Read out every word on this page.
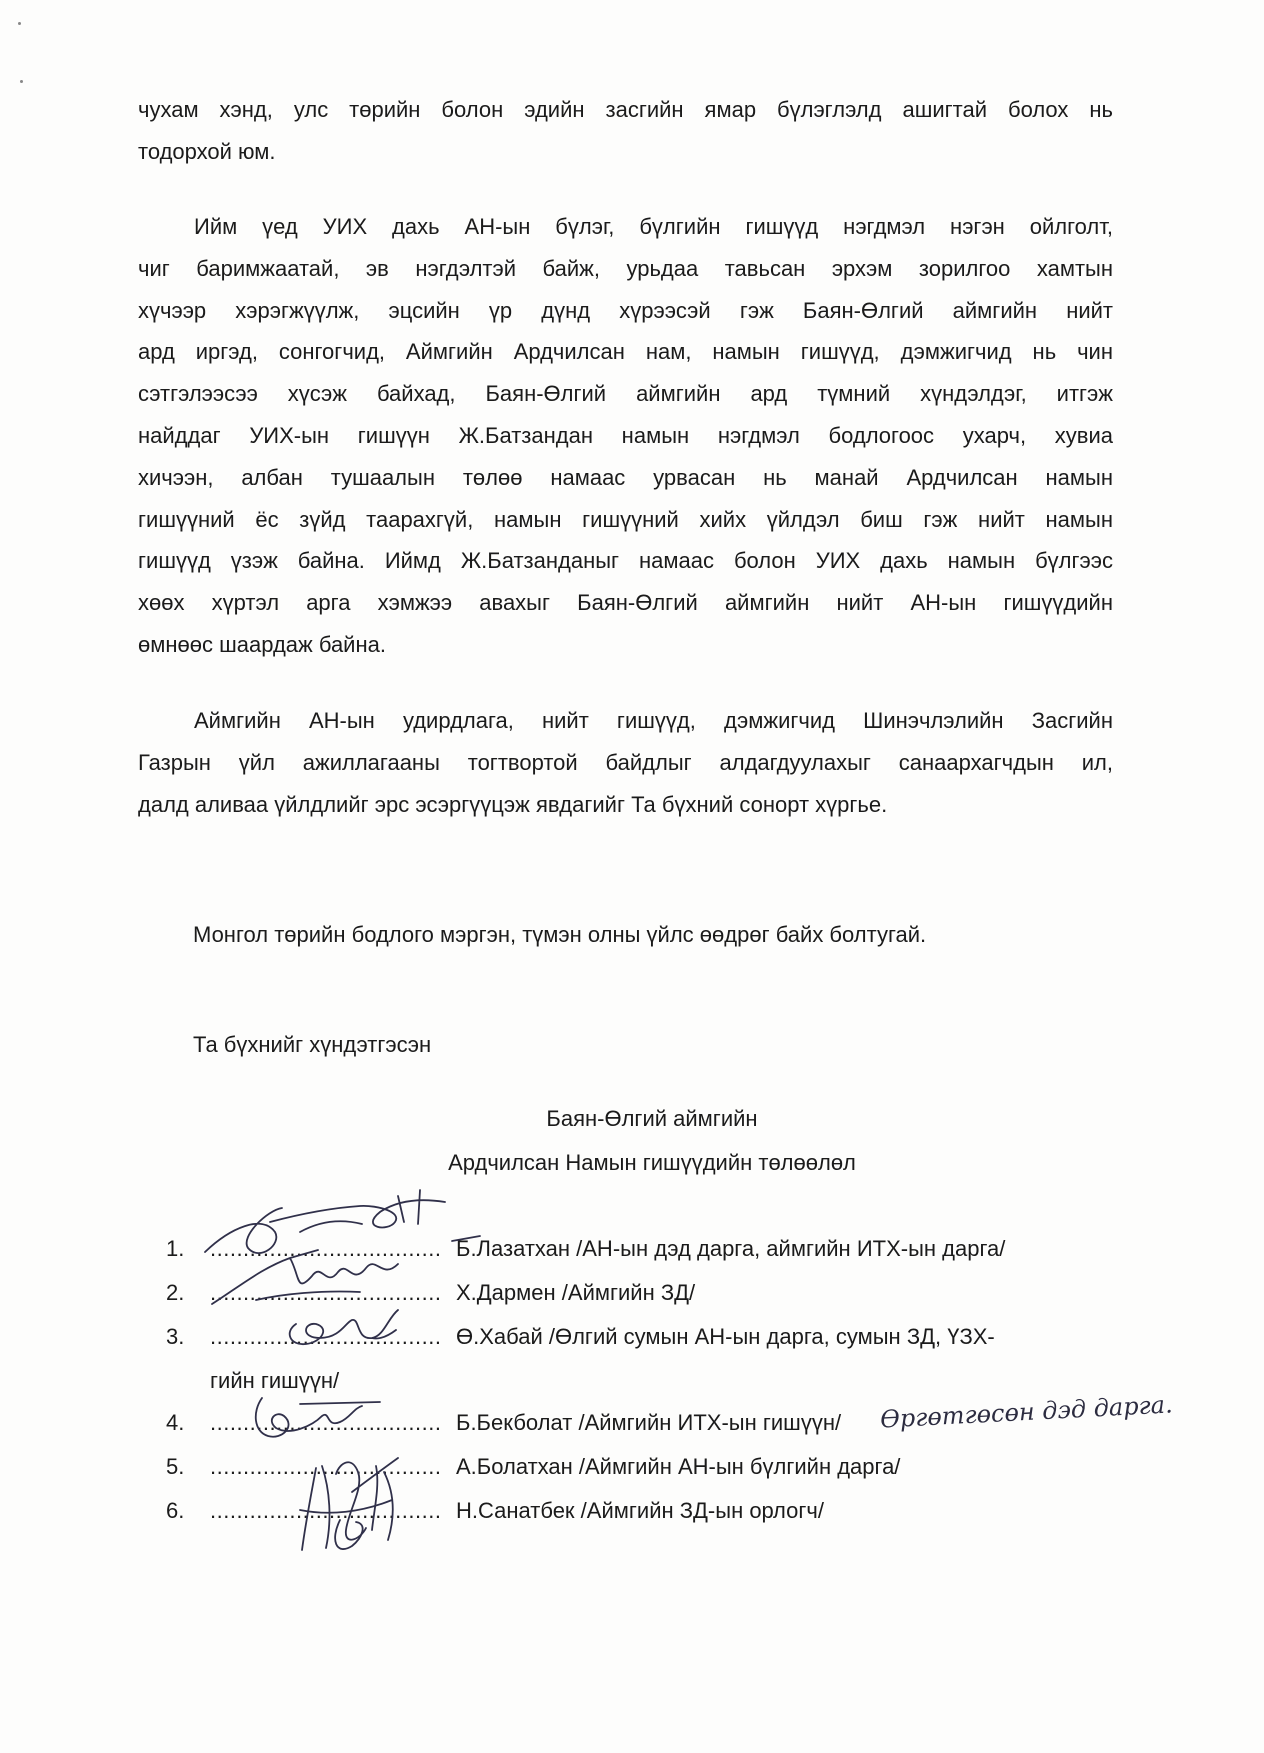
чухам хэнд, улс төрийн болон эдийн засгийн ямар бүлэглэлд ашигтай болох нь
тодорхой юм.
Ийм үед УИХ дахь АН-ын бүлэг, бүлгийн гишүүд нэгдмэл нэгэн ойлголт,
чиг баримжаатай, эв нэгдэлтэй байж, урьдаа тавьсан эрхэм зорилгоо хамтын
хүчээр хэрэгжүүлж, эцсийн үр дүнд хүрээсэй гэж Баян-Өлгий аймгийн нийт
ард иргэд, сонгогчид, Аймгийн Ардчилсан нам, намын гишүүд, дэмжигчид нь чин
сэтгэлээсээ хүсэж байхад, Баян-Өлгий аймгийн ард түмний хүндэлдэг, итгэж
найддаг УИХ-ын гишүүн Ж.Батзандан намын нэгдмэл бодлогоос ухарч, хувиа
хичээн, албан тушаалын төлөө намаас урвасан нь манай Ардчилсан намын
гишүүний ёс зүйд таарахгүй, намын гишүүний хийх үйлдэл биш гэж нийт намын
гишүүд үзэж байна. Иймд Ж.Батзанданыг намаас болон УИХ дахь намын бүлгээс
хөөх хүртэл арга хэмжээ авахыг Баян-Өлгий аймгийн нийт АН-ын гишүүдийн
өмнөөс шаардаж байна.
Аймгийн АН-ын удирдлага, нийт гишүүд, дэмжигчид Шинэчлэлийн Засгийн
Газрын үйл ажиллагааны тогтвортой байдлыг алдагдуулахыг санаархагчдын ил,
далд аливаа үйлдлийг эрс эсэргүүцэж явдагийг Та бүхний сонорт хүргье.
Монгол төрийн бодлого мэргэн, түмэн олны үйлс өөдрөг байх болтугай.
Та бүхнийг хүндэтгэсэн
Баян-Өлгий аймгийн
Ардчилсан Намын гишүүдийн төлөөлөл
1. ................................... Б.Лазатхан /АН-ын дэд дарга, аймгийн ИТХ-ын дарга/
2. ................................... Х.Дармен /Аймгийн ЗД/
3. ................................... Ө.Хабай /Өлгий сумын АН-ын дарга, сумын ЗД, ҮЗХ-
гийн гишүүн/
4. ................................... Б.Бекболат /Аймгийн ИТХ-ын гишүүн/
5. ................................... А.Болатхан /Аймгийн АН-ын бүлгийн дарга/
6. ................................... Н.Санатбек /Аймгийн ЗД-ын орлогч/
Өргөтгөсөн дэд дарга.
